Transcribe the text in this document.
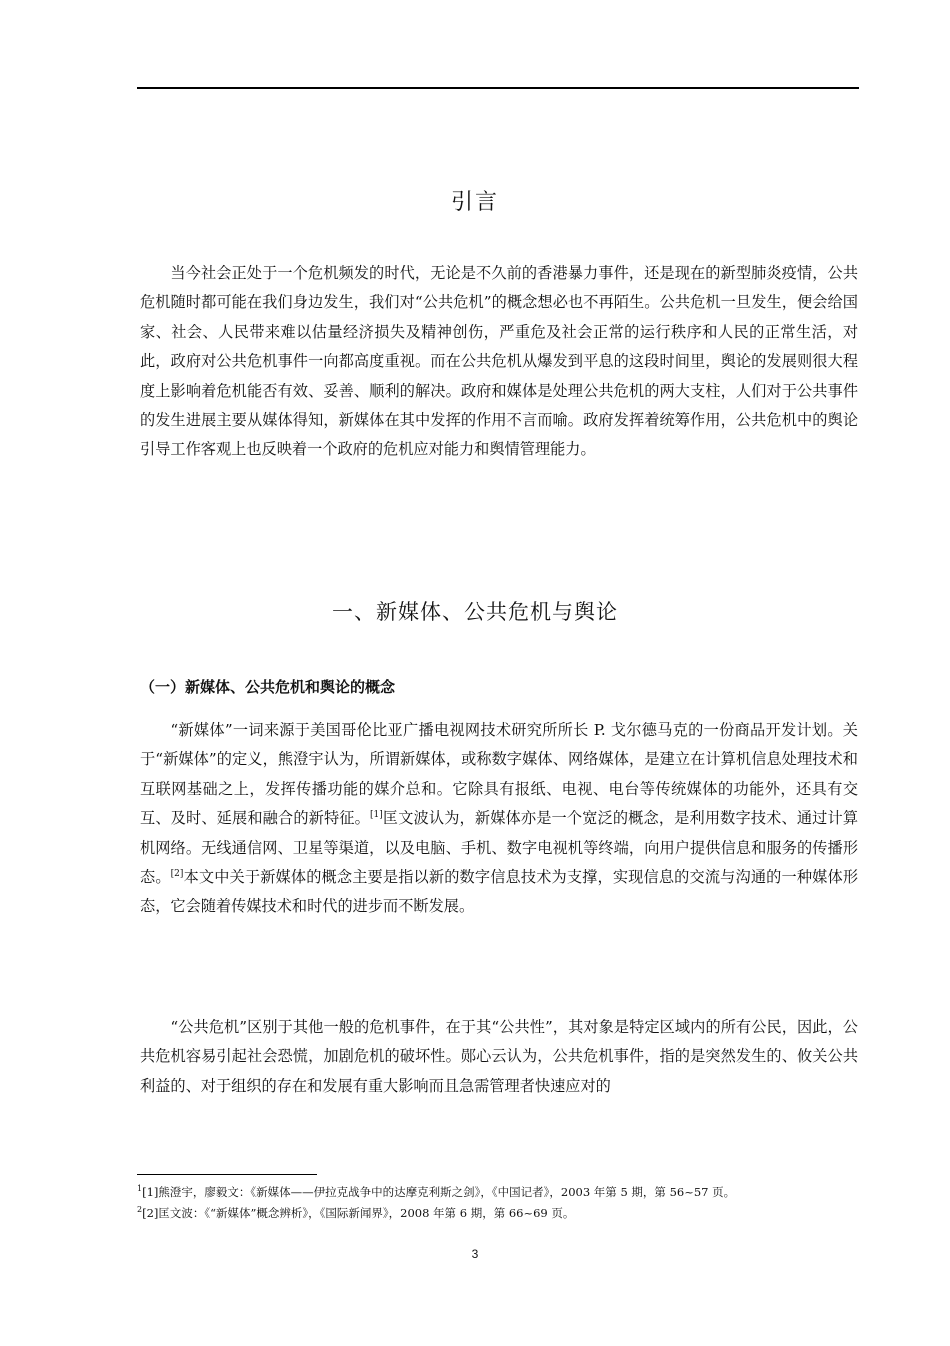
引言

当今社会正处于一个危机频发的时代，无论是不久前的香港暴力事件，还是现在的新型肺炎疫情，公共危机随时都可能在我们身边发生，我们对“公共危机”的概念想必也不再陌生。公共危机一旦发生，便会给国家、社会、人民带来难以估量经济损失及精神创伤，严重危及社会正常的运行秩序和人民的正常生活，对此，政府对公共危机事件一向都高度重视。而在公共危机从爆发到平息的这段时间里，舆论的发展则很大程度上影响着危机能否有效、妥善、顺利的解决。政府和媒体是处理公共危机的两大支柱，人们对于公共事件的发生进展主要从媒体得知，新媒体在其中发挥的作用不言而喻。政府发挥着统筹作用，公共危机中的舆论引导工作客观上也反映着一个政府的危机应对能力和舆情管理能力。

一、新媒体、公共危机与舆论
（一）新媒体、公共危机和舆论的概念

“新媒体”一词来源于美国哥伦比亚广播电视网技术研究所所长 P. 戈尔德马克的一份商品开发计划。关于“新媒体”的定义，熊澄宇认为，所谓新媒体，或称数字媒体、网络媒体，是建立在计算机信息处理技术和互联网基础之上，发挥传播功能的媒介总和。它除具有报纸、电视、电台等传统媒体的功能外，还具有交互、及时、延展和融合的新特征。[1]匡文波认为，新媒体亦是一个宽泛的概念，是利用数字技术、通过计算机网络。无线通信网、卫星等渠道，以及电脑、手机、数字电视机等终端，向用户提供信息和服务的传播形态。[2]本文中关于新媒体的概念主要是指以新的数字信息技术为支撑，实现信息的交流与沟通的一种媒体形态，它会随着传媒技术和时代的进步而不断发展。

“公共危机”区别于其他一般的危机事件，在于其“公共性”，其对象是特定区域内的所有公民，因此，公共危机容易引起社会恐慌，加剧危机的破坏性。郧心云认为，公共危机事件，指的是突然发生的、攸关公共利益的、对于组织的存在和发展有重大影响而且急需管理者快速应对的

$^1$[1]熊澄宇，廖毅文：《新媒体——伊拉克战争中的达摩克利斯之剑》，《中国记者》，2003 年第 5 期，第 56~57 页。

$^2$[2]匡文波：《“新媒体”概念辨析》，《国际新闻界》，2008 年第 6 期，第 66~69 页。

3
